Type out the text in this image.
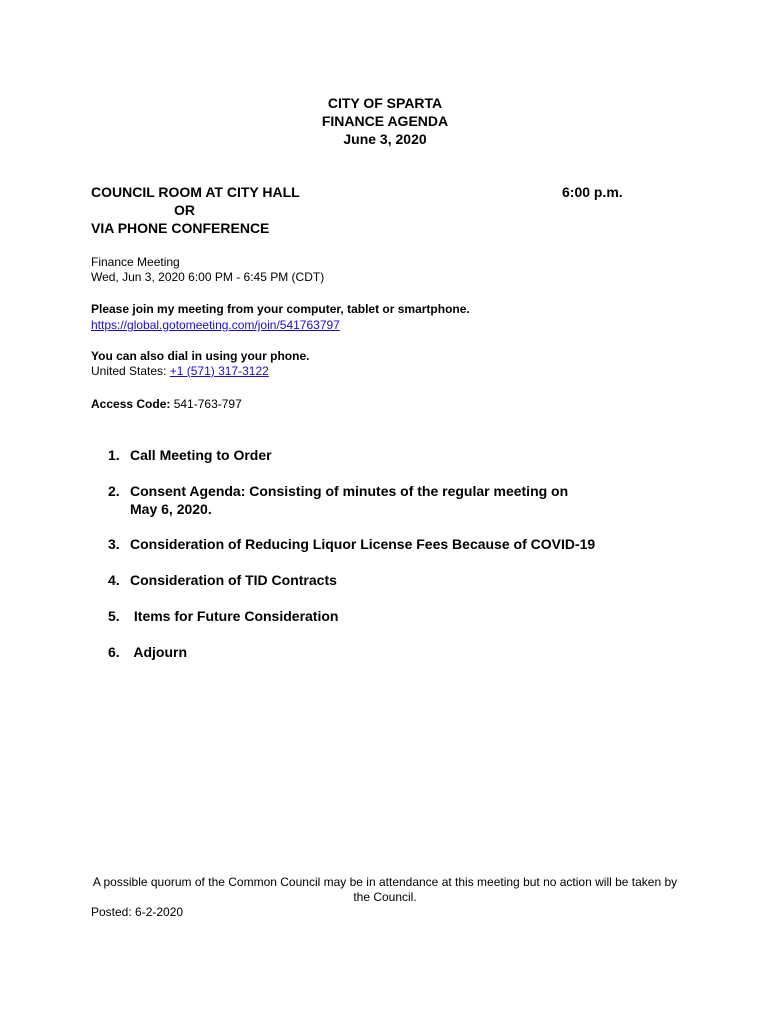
CITY OF SPARTA
FINANCE AGENDA
June 3, 2020
COUNCIL ROOM AT CITY HALL	6:00 p.m.
OR
VIA PHONE CONFERENCE
Finance Meeting
Wed, Jun 3, 2020 6:00 PM - 6:45 PM (CDT)
Please join my meeting from your computer, tablet or smartphone.
https://global.gotomeeting.com/join/541763797
You can also dial in using your phone.
United States: +1 (571) 317-3122
Access Code: 541-763-797
1. Call Meeting to Order
2. Consent Agenda: Consisting of minutes of the regular meeting on
May 6, 2020.
3. Consideration of Reducing Liquor License Fees Because of COVID-19
4. Consideration of TID Contracts
5. Items for Future Consideration
6. Adjourn
A possible quorum of the Common Council may be in attendance at this meeting but no action will be taken by the Council.
Posted: 6-2-2020
